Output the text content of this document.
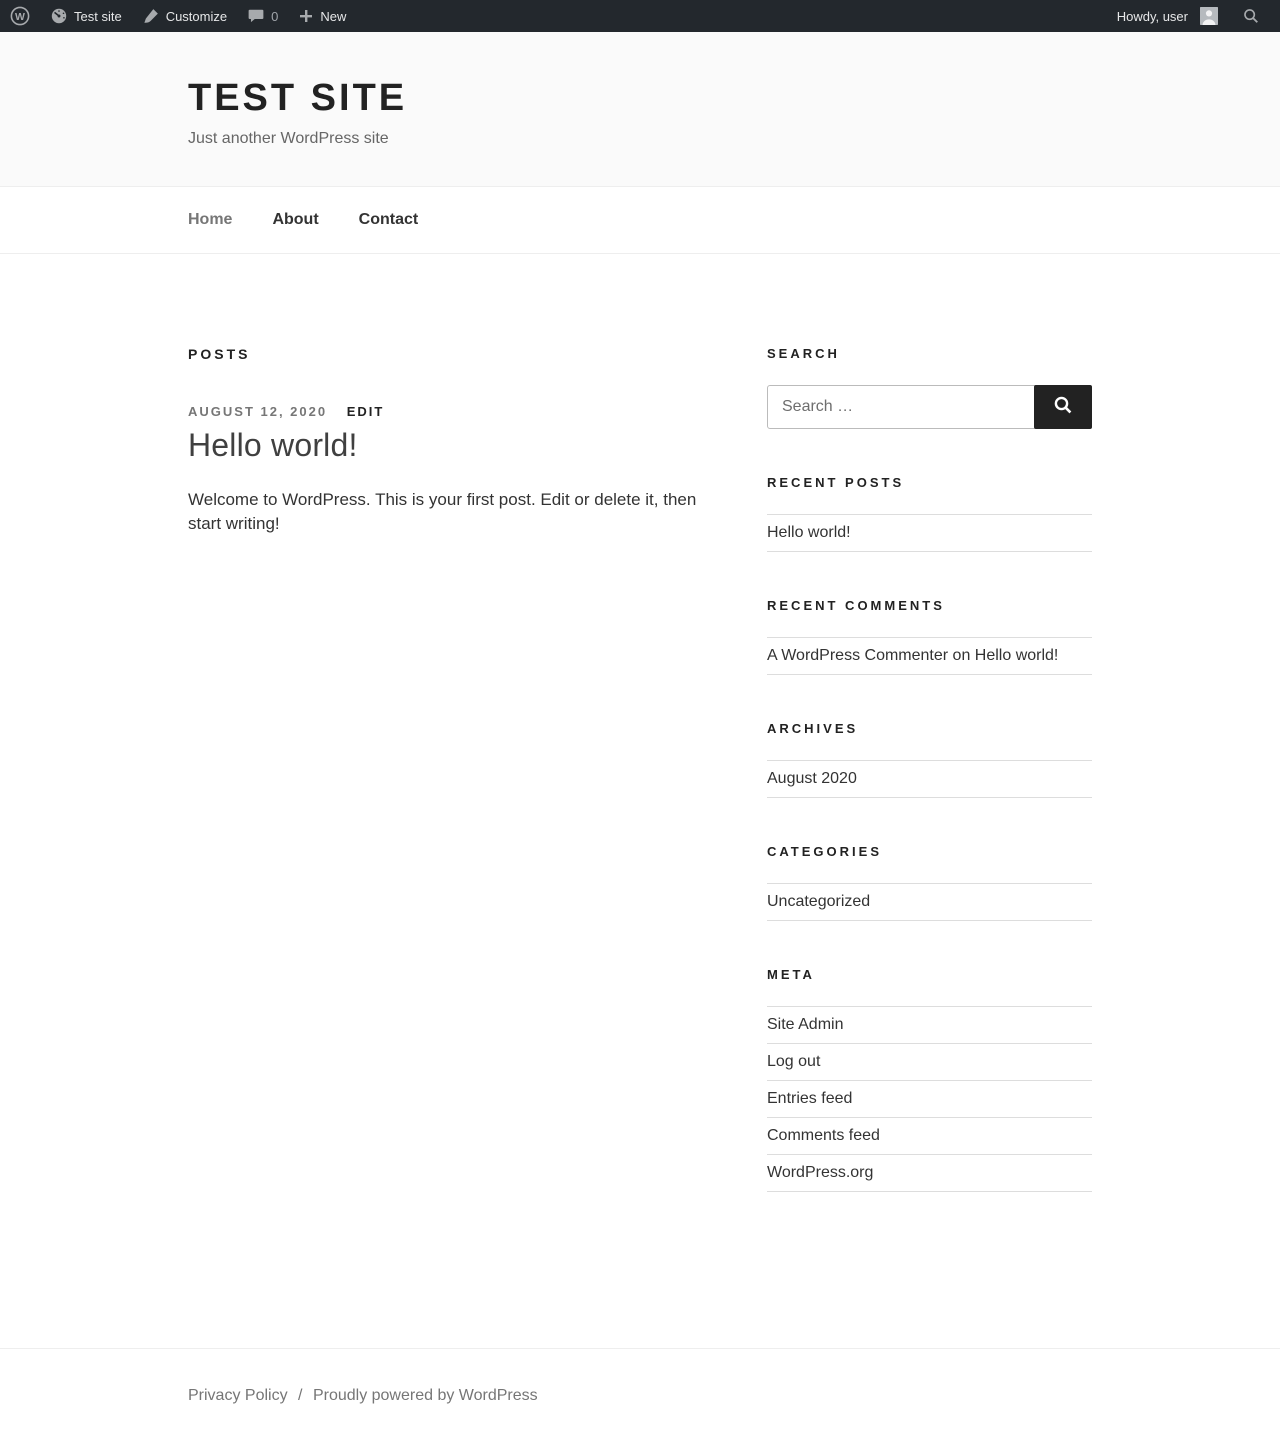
W	Test site	Customize	0	New	Howdy, user
TEST SITE
Just another WordPress site
Home	About	Contact
POSTS
AUGUST 12, 2020 EDIT
Hello world!

Welcome to WordPress. This is your first post. Edit or delete it, then start writing!

SEARCH
Search …
RECENT POSTS
Hello world!
RECENT COMMENTS
A WordPress Commenter on Hello world!
ARCHIVES
August 2020
CATEGORIES
Uncategorized
META
Site Admin
Log out
Entries feed
Comments feed
WordPress.org
Privacy Policy / Proudly powered by WordPress
